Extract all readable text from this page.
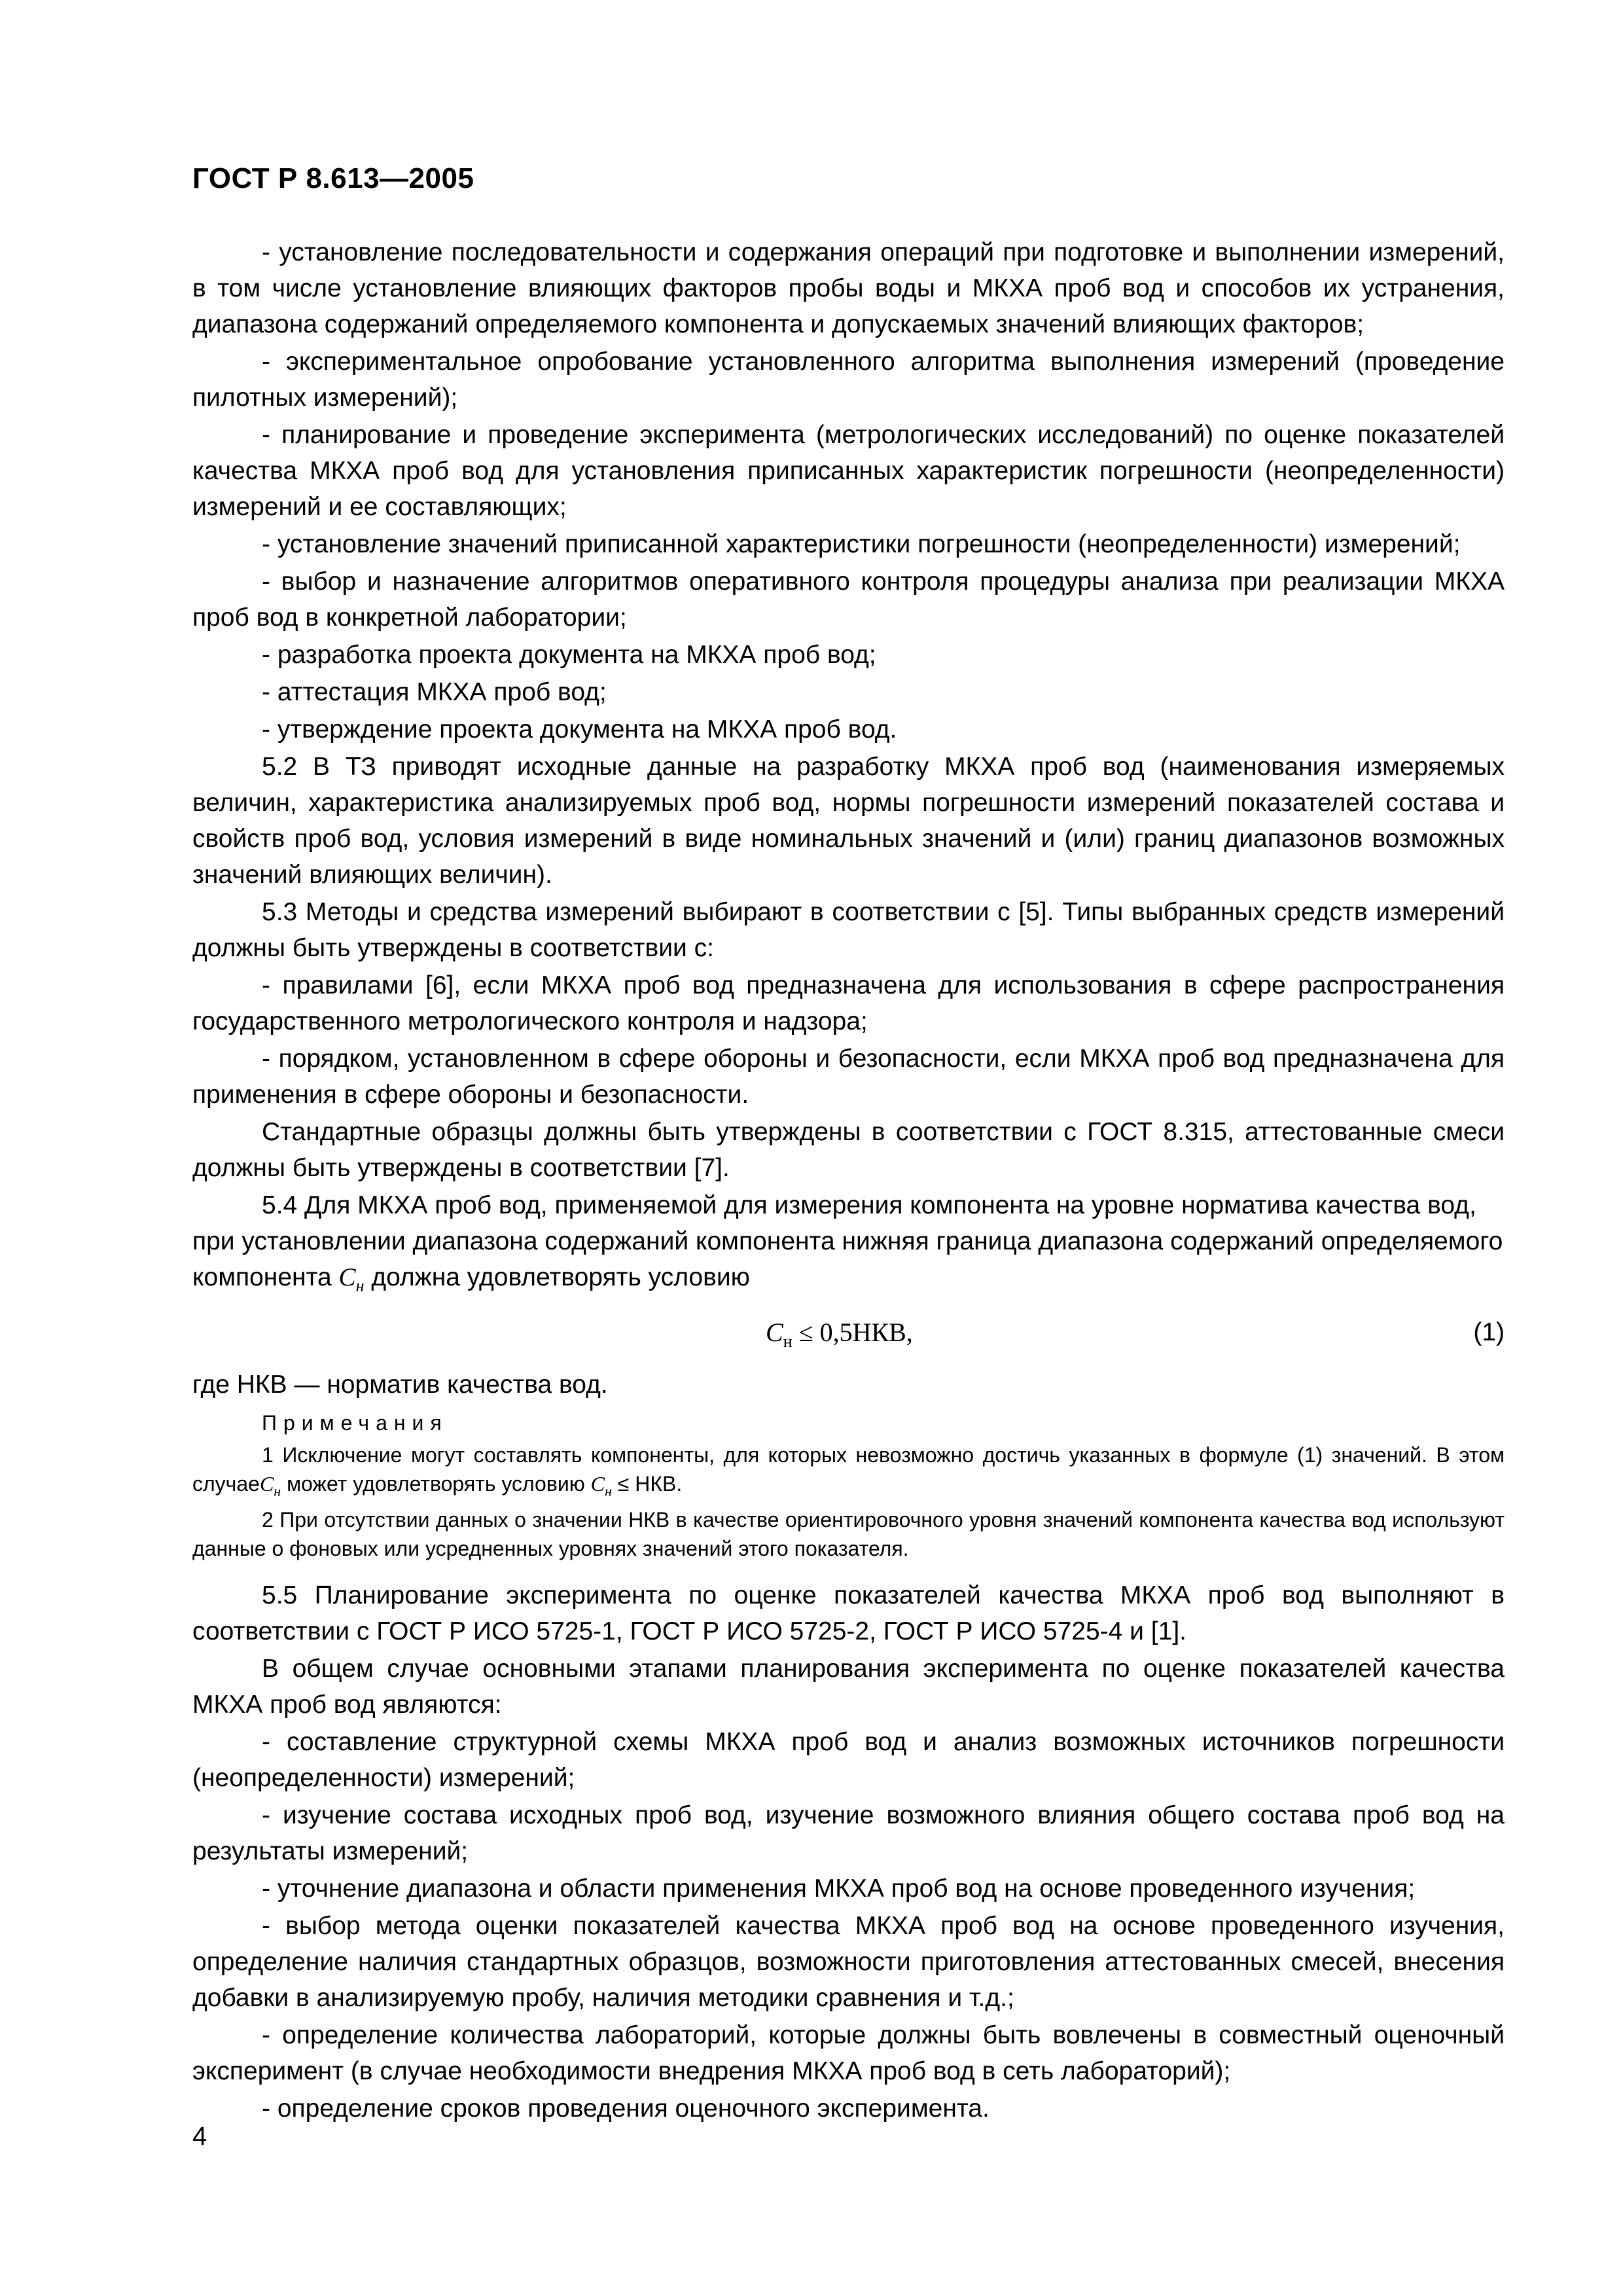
ГОСТ Р 8.613—2005

- установление последовательности и содержания операций при подготовке и выполнении измерений, в том числе установление влияющих факторов пробы воды и МКХА проб вод и способов их устранения, диапазона содержаний определяемого компонента и допускаемых значений влияющих факторов;

- экспериментальное опробование установленного алгоритма выполнения измерений (проведение пилотных измерений);

- планирование и проведение эксперимента (метрологических исследований) по оценке показателей качества МКХА проб вод для установления приписанных характеристик погрешности (неопределенности) измерений и ее составляющих;

- установление значений приписанной характеристики погрешности (неопределенности) измерений;

- выбор и назначение алгоритмов оперативного контроля процедуры анализа при реализации МКХА проб вод в конкретной лаборатории;

- разработка проекта документа на МКХА проб вод;

- аттестация МКХА проб вод;

- утверждение проекта документа на МКХА проб вод.

5.2 В ТЗ приводят исходные данные на разработку МКХА проб вод (наименования измеряемых величин, характеристика анализируемых проб вод, нормы погрешности измерений показателей состава и свойств проб вод, условия измерений в виде номинальных значений и (или) границ диапазонов возможных значений влияющих величин).

5.3 Методы и средства измерений выбирают в соответствии с [5]. Типы выбранных средств измерений должны быть утверждены в соответствии с:

- правилами [6], если МКХА проб вод предназначена для использования в сфере распространения государственного метрологического контроля и надзора;

- порядком, установленном в сфере обороны и безопасности, если МКХА проб вод предназначена для применения в сфере обороны и безопасности.

Стандартные образцы должны быть утверждены в соответствии с ГОСТ 8.315, аттестованные смеси должны быть утверждены в соответствии [7].

5.4 Для МКХА проб вод, применяемой для измерения компонента на уровне норматива качества вод, при установлении диапазона содержаний компонента нижняя граница диапазона содержаний определяемого компонента $C_н$ должна удовлетворять условию

$C_н \le 0,5НКВ$,	(1)

где НКВ — норматив качества вод.

Примечания

1 Исключение могут составлять компоненты, для которых невозможно достичь указанных в формуле (1) значений. В этом случаеC$_н$ может удовлетворять условию $C_н$ ≤ НКВ.

2 При отсутствии данных о значении НКВ в качестве ориентировочного уровня значений компонента качества вод используют данные о фоновых или усредненных уровнях значений этого показателя.

5.5 Планирование эксперимента по оценке показателей качества МКХА проб вод выполняют в соответствии с ГОСТ Р ИСО 5725-1, ГОСТ Р ИСО 5725-2, ГОСТ Р ИСО 5725-4 и [1].

В общем случае основными этапами планирования эксперимента по оценке показателей качества МКХА проб вод являются:

- составление структурной схемы МКХА проб вод и анализ возможных источников погрешности (неопределенности) измерений;

- изучение состава исходных проб вод, изучение возможного влияния общего состава проб вод на результаты измерений;

- уточнение диапазона и области применения МКХА проб вод на основе проведенного изучения;

- выбор метода оценки показателей качества МКХА проб вод на основе проведенного изучения, определение наличия стандартных образцов, возможности приготовления аттестованных смесей, внесения добавки в анализируемую пробу, наличия методики сравнения и т.д.;

- определение количества лабораторий, которые должны быть вовлечены в совместный оценочный эксперимент (в случае необходимости внедрения МКХА проб вод в сеть лабораторий);

- определение сроков проведения оценочного эксперимента.

4
